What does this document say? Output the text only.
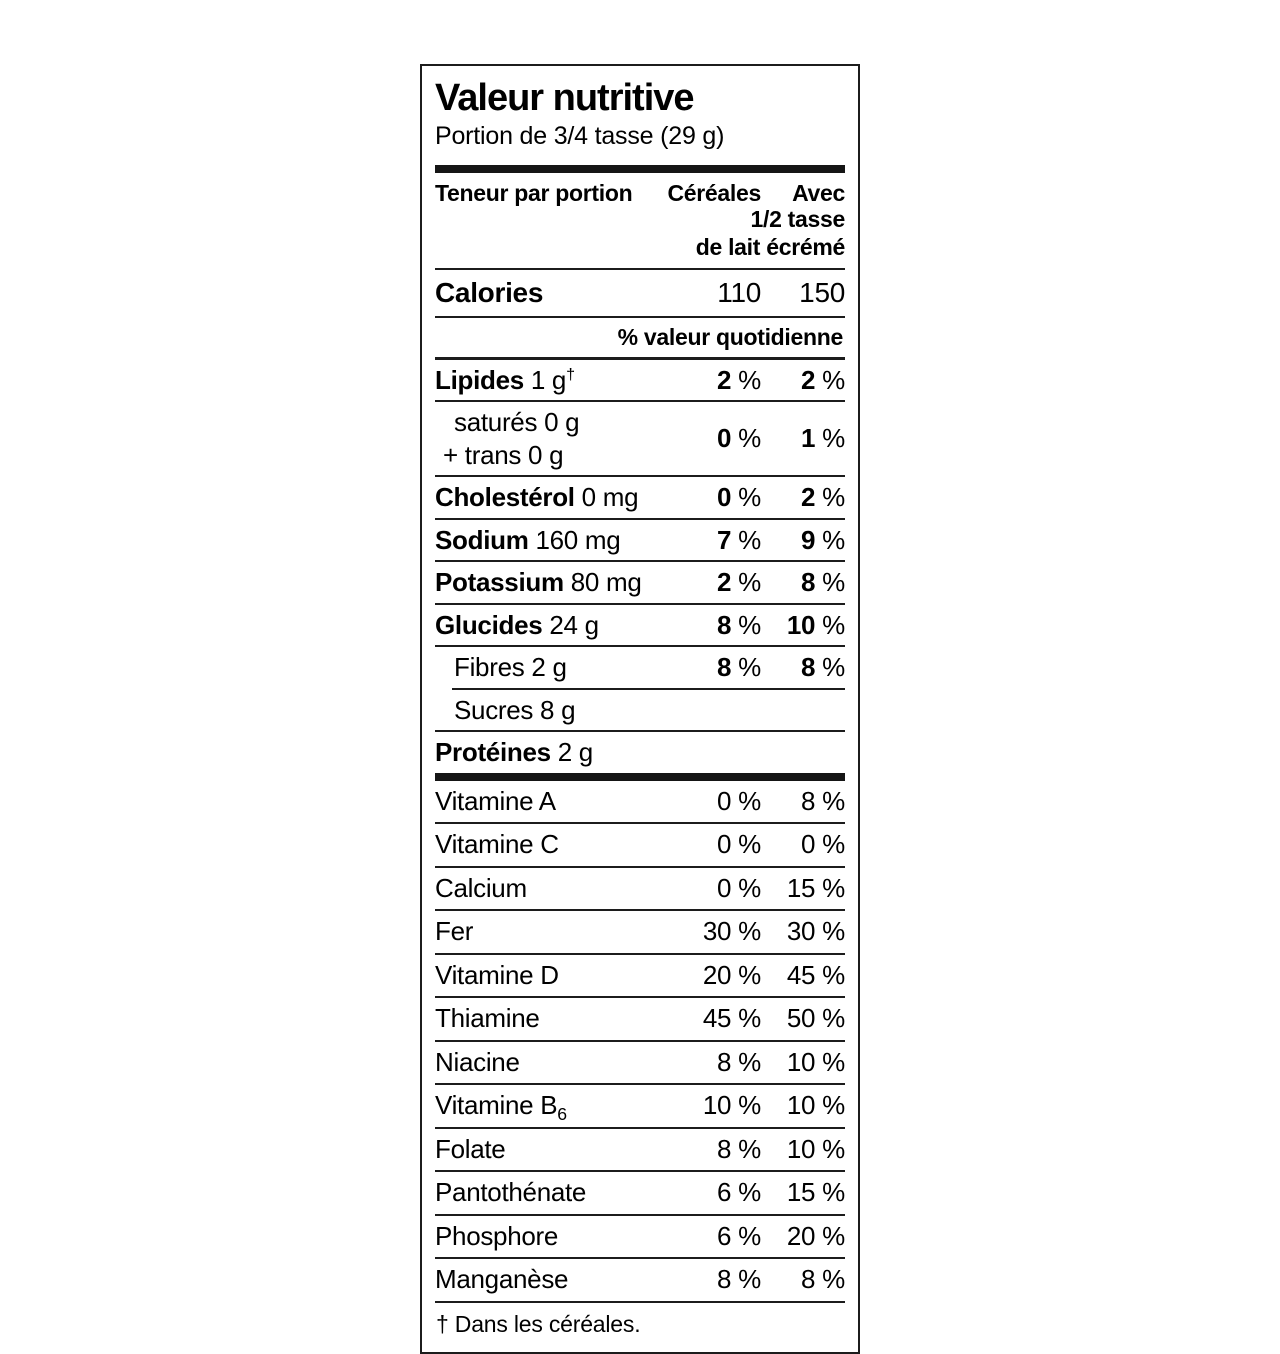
Valeur nutritive
Portion de 3/4 tasse (29 g)
Teneur par portion	Céréales	Avec
1/2 tasse
de lait écrémé
Calories	110	150
% valeur quotidienne
Lipides 1 g†	2 %	2 %
saturés 0 g
+ trans 0 g
0 %	1 %
Cholestérol 0 mg	0 %	2 %
Sodium 160 mg	7 %	9 %
Potassium 80 mg	2 %	8 %
Glucides 24 g	8 % 10 %
Fibres 2 g	8 %	8 %
Sucres 8 g
Protéines 2 g
Vitamine A	0 %	8 %
Vitamine C	0 %	0 %
Calcium	0 % 15 %
Fer	30 % 30 %
Vitamine D	20 % 45 %
Thiamine	45 % 50 %
Niacine	8 % 10 %
Vitamine $B_6$	10 % 10 %
Folate	8 % 10 %
Pantothénate	6 % 15 %
Phosphore	6 % 20 %
Manganèse	8 %	8 %
† Dans les céréales.
